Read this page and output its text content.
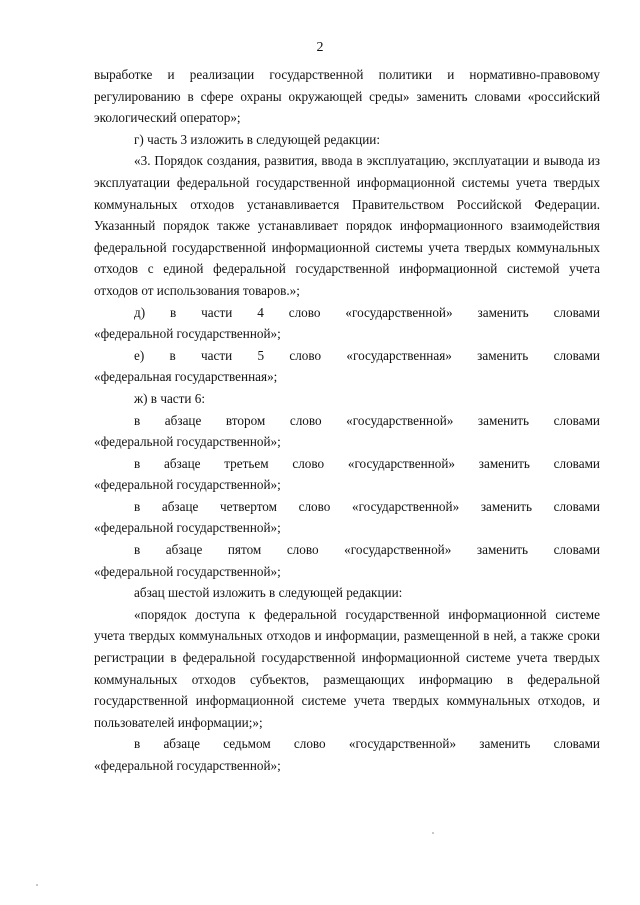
2

выработке и реализации государственной политики и нормативно-правовому регулированию в сфере охраны окружающей среды» заменить словами «российский экологический оператор»;

г) часть 3 изложить в следующей редакции:

«3. Порядок создания, развития, ввода в эксплуатацию, эксплуатации и вывода из эксплуатации федеральной государственной информационной системы учета твердых коммунальных отходов устанавливается Правительством Российской Федерации. Указанный порядок также устанавливает порядок информационного взаимодействия федеральной государственной информационной системы учета твердых коммунальных отходов с единой федеральной государственной информационной системой учета отходов от использования товаров.»;

д) в части 4 слово «государственной» заменить словами

«федеральной государственной»;

е) в части 5 слово «государственная» заменить словами

«федеральная государственная»;

ж) в части 6:

в абзаце втором слово «государственной» заменить словами

«федеральной государственной»;

в абзаце третьем слово «государственной» заменить словами

«федеральной государственной»;

в абзаце четвертом слово «государственной» заменить словами

«федеральной государственной»;

в абзаце пятом слово «государственной» заменить словами

«федеральной государственной»;

абзац шестой изложить в следующей редакции:

«порядок доступа к федеральной государственной информационной системе учета твердых коммунальных отходов и информации, размещенной в ней, а также сроки регистрации в федеральной государственной информационной системе учета твердых коммунальных отходов субъектов, размещающих информацию в федеральной государственной информационной системе учета твердых коммунальных отходов, и пользователей информации;»;

в абзаце седьмом слово «государственной» заменить словами

«федеральной государственной»;
